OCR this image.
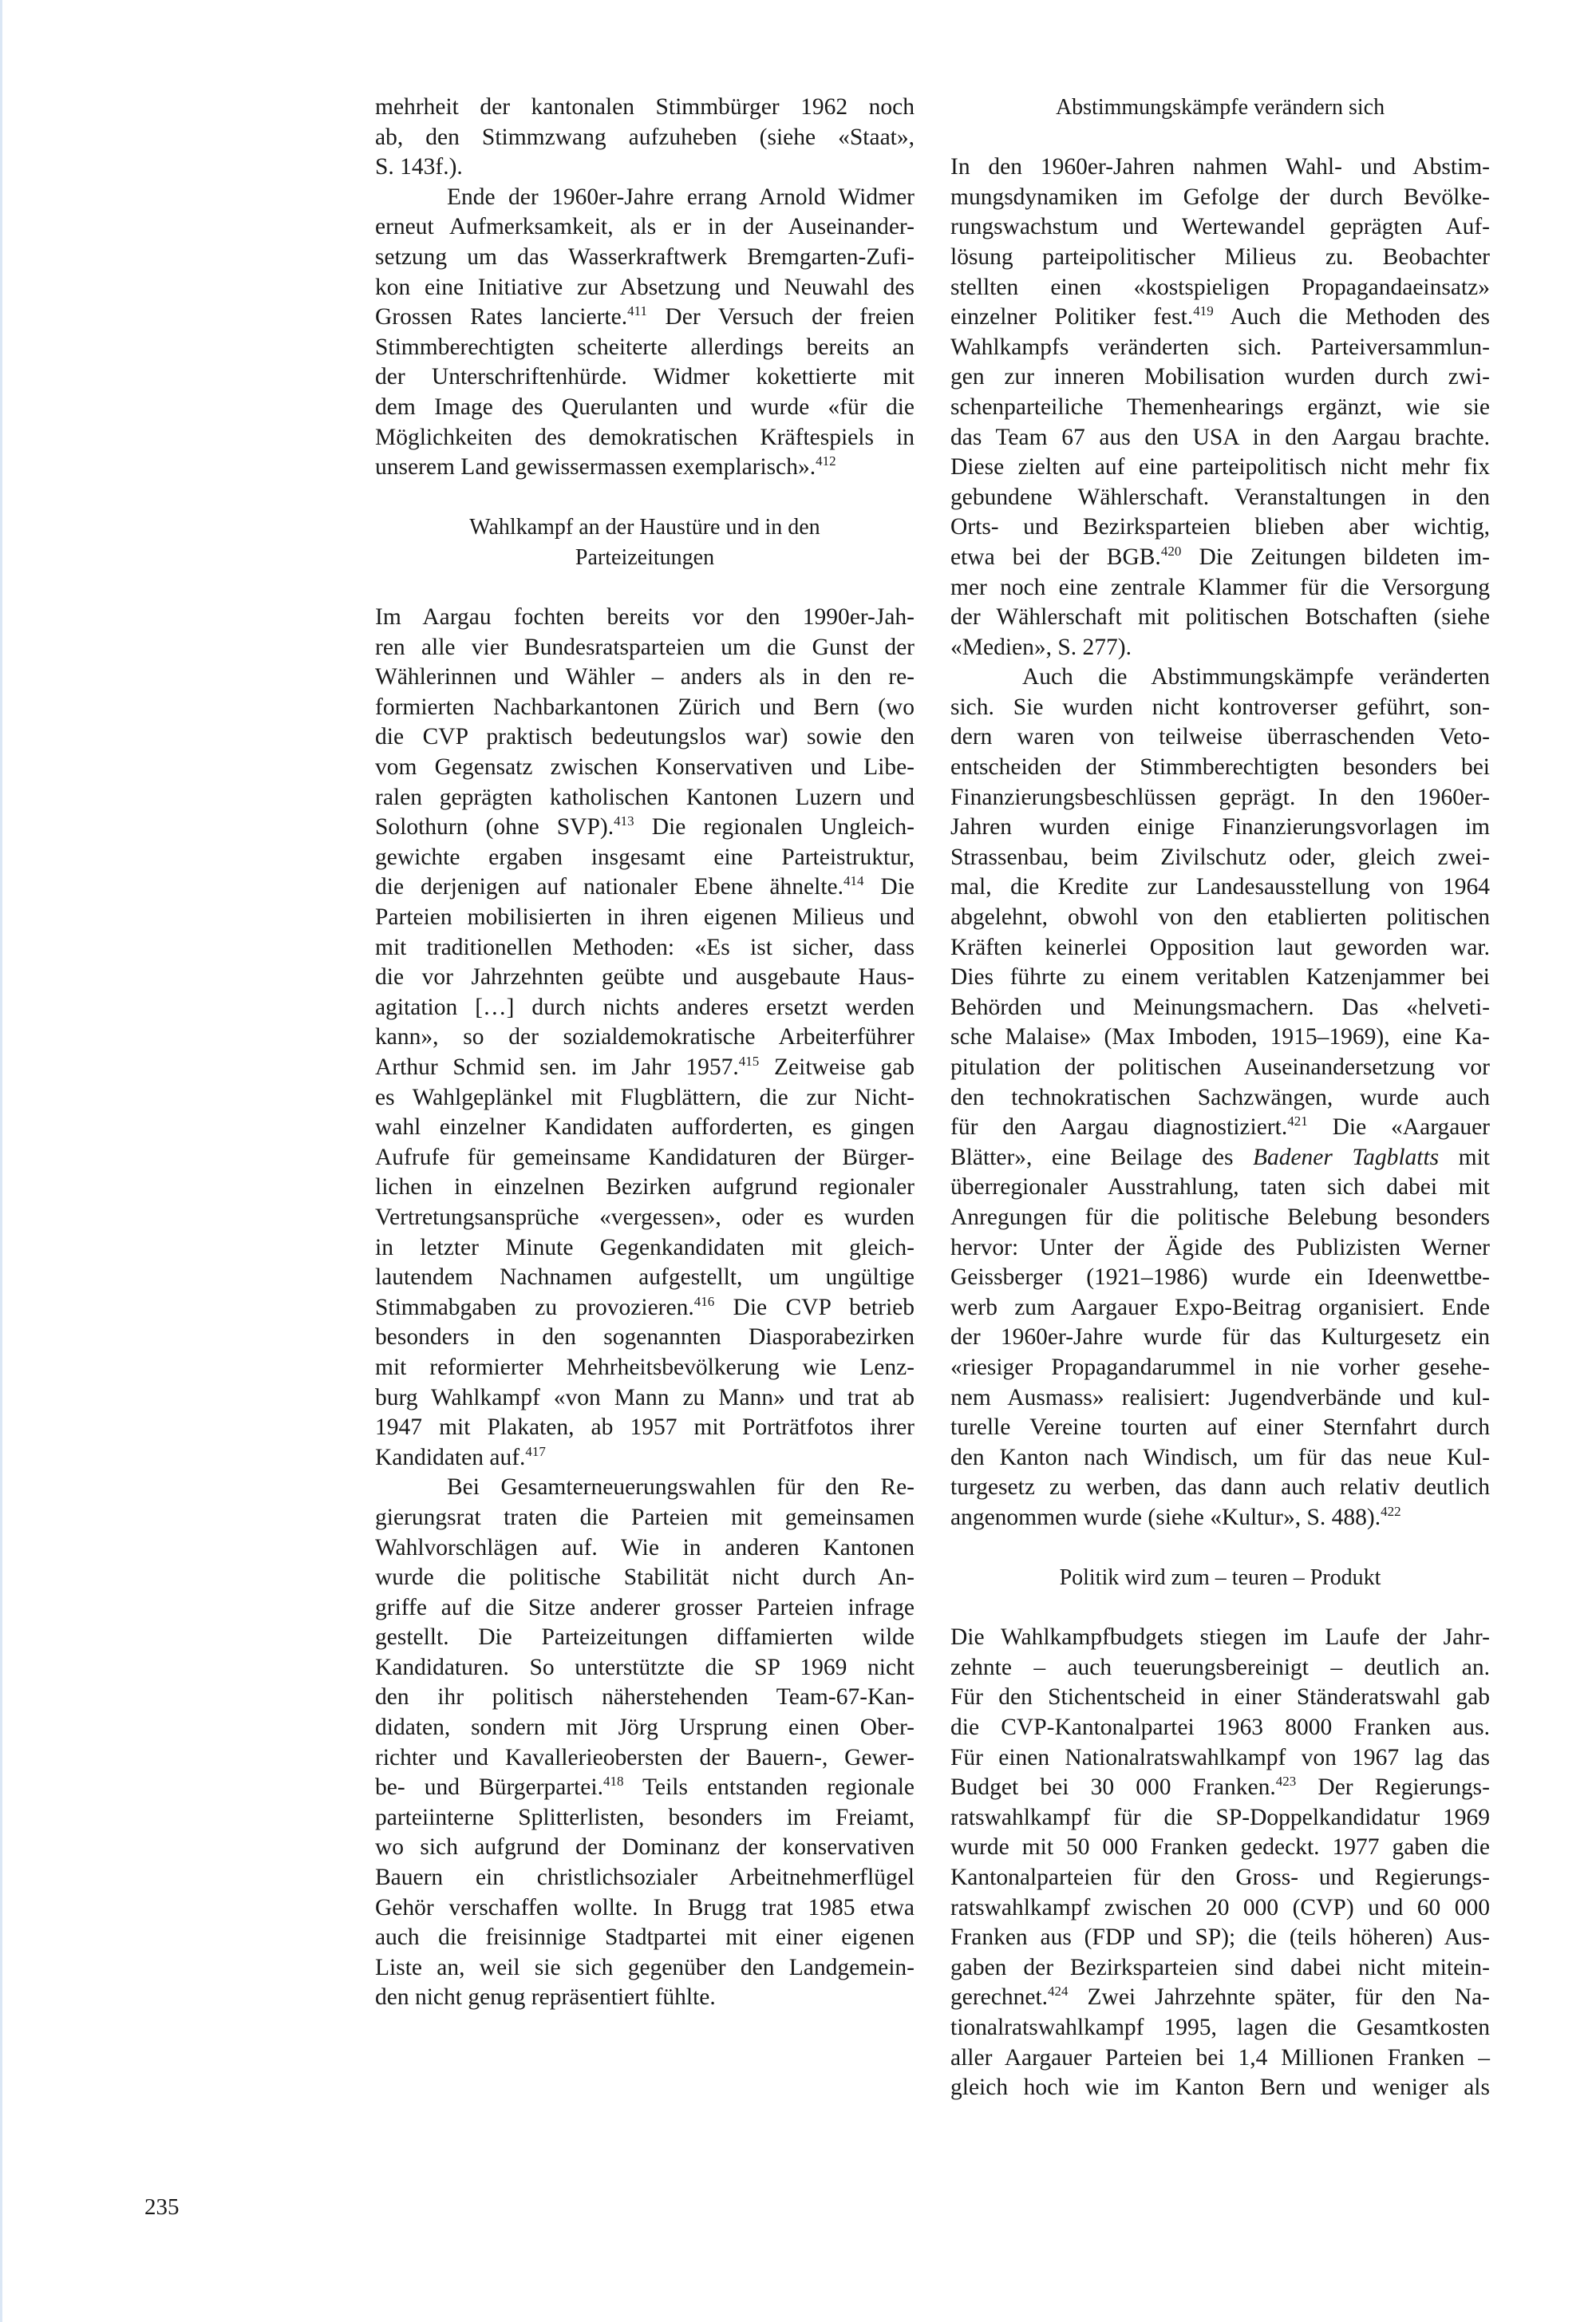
mehrheit der kantonalen Stimmbürger 1962 noch
ab, den Stimmzwang aufzuheben (siehe «Staat»,
S. 143f.).
Ende der 1960er-Jahre errang Arnold Widmer
erneut Aufmerksamkeit, als er in der Auseinander-
setzung um das Wasserkraftwerk Bremgarten-Zufi-
kon eine Initiative zur Absetzung und Neuwahl des
Grossen Rates lancierte.$^{411}$ Der Versuch der freien
Stimmberechtigten scheiterte allerdings bereits an
der Unterschriftenhürde. Widmer kokettierte mit
dem Image des Querulanten und wurde «für die
Möglichkeiten des demokratischen Kräftespiels in
unserem Land gewissermassen exemplarisch».$^{412}$
Wahlkampf an der Haustüre und in den
Parteizeitungen
Im Aargau fochten bereits vor den 1990er-Jah-
ren alle vier Bundesratsparteien um die Gunst der
Wählerinnen und Wähler – anders als in den re-
formierten Nachbarkantonen Zürich und Bern (wo
die CVP praktisch bedeutungslos war) sowie den
vom Gegensatz zwischen Konservativen und Libe-
ralen geprägten katholischen Kantonen Luzern und
Solothurn (ohne SVP).$^{413}$ Die regionalen Ungleich-
gewichte ergaben insgesamt eine Parteistruktur,
die derjenigen auf nationaler Ebene ähnelte.$^{414}$ Die
Parteien mobilisierten in ihren eigenen Milieus und
mit traditionellen Methoden: «Es ist sicher, dass
die vor Jahrzehnten geübte und ausgebaute Haus-
agitation […] durch nichts anderes ersetzt werden
kann», so der sozialdemokratische Arbeiterführer
Arthur Schmid sen. im Jahr 1957.$^{415}$ Zeitweise gab
es Wahlgeplänkel mit Flugblättern, die zur Nicht-
wahl einzelner Kandidaten aufforderten, es gingen
Aufrufe für gemeinsame Kandidaturen der Bürger-
lichen in einzelnen Bezirken aufgrund regionaler
Vertretungsansprüche «vergessen», oder es wurden
in letzter Minute Gegenkandidaten mit gleich-
lautendem Nachnamen aufgestellt, um ungültige
Stimmabgaben zu provozieren.$^{416}$ Die CVP betrieb
besonders in den sogenannten Diasporabezirken
mit reformierter Mehrheitsbevölkerung wie Lenz-
burg Wahlkampf «von Mann zu Mann» und trat ab
1947 mit Plakaten, ab 1957 mit Porträtfotos ihrer
Kandidaten auf.$^{417}$
Bei Gesamterneuerungswahlen für den Re-
gierungsrat traten die Parteien mit gemeinsamen
Wahlvorschlägen auf. Wie in anderen Kantonen
wurde die politische Stabilität nicht durch An-
griffe auf die Sitze anderer grosser Parteien infrage
gestellt. Die Parteizeitungen diffamierten wilde
Kandidaturen. So unterstützte die SP 1969 nicht
den ihr politisch näherstehenden Team-67-Kan-
didaten, sondern mit Jörg Ursprung einen Ober-
richter und Kavallerieobersten der Bauern-, Gewer-
be- und Bürgerpartei.$^{418}$ Teils entstanden regionale
parteiinterne Splitterlisten, besonders im Freiamt,
wo sich aufgrund der Dominanz der konservativen
Bauern ein christlichsozialer Arbeitnehmerflügel
Gehör verschaffen wollte. In Brugg trat 1985 etwa
auch die freisinnige Stadtpartei mit einer eigenen
Liste an, weil sie sich gegenüber den Landgemein-
den nicht genug repräsentiert fühlte.
Abstimmungskämpfe verändern sich
In den 1960er-Jahren nahmen Wahl- und Abstim-
mungsdynamiken im Gefolge der durch Bevölke-
rungswachstum und Wertewandel geprägten Auf-
lösung parteipolitischer Milieus zu. Beobachter
stellten einen «kostspieligen Propagandaeinsatz»
einzelner Politiker fest.$^{419}$ Auch die Methoden des
Wahlkampfs veränderten sich. Parteiversammlun-
gen zur inneren Mobilisation wurden durch zwi-
schenparteiliche Themenhearings ergänzt, wie sie
das Team 67 aus den USA in den Aargau brachte.
Diese zielten auf eine parteipolitisch nicht mehr fix
gebundene Wählerschaft. Veranstaltungen in den
Orts- und Bezirksparteien blieben aber wichtig,
etwa bei der BGB.$^{420}$ Die Zeitungen bildeten im-
mer noch eine zentrale Klammer für die Versorgung
der Wählerschaft mit politischen Botschaften (siehe
«Medien», S. 277).
Auch die Abstimmungskämpfe veränderten
sich. Sie wurden nicht kontroverser geführt, son-
dern waren von teilweise überraschenden Veto-
entscheiden der Stimmberechtigten besonders bei
Finanzierungsbeschlüssen geprägt. In den 1960er-
Jahren wurden einige Finanzierungsvorlagen im
Strassenbau, beim Zivilschutz oder, gleich zwei-
mal, die Kredite zur Landesausstellung von 1964
abgelehnt, obwohl von den etablierten politischen
Kräften keinerlei Opposition laut geworden war.
Dies führte zu einem veritablen Katzenjammer bei
Behörden und Meinungsmachern. Das «helveti-
sche Malaise» (Max Imboden, 1915–1969), eine Ka-
pitulation der politischen Auseinandersetzung vor
den technokratischen Sachzwängen, wurde auch
für den Aargau diagnostiziert.$^{421}$ Die «Aargauer
Blätter», eine Beilage des Badener Tagblatts mit
überregionaler Ausstrahlung, taten sich dabei mit
Anregungen für die politische Belebung besonders
hervor: Unter der Ägide des Publizisten Werner
Geissberger (1921–1986) wurde ein Ideenwettbe-
werb zum Aargauer Expo-Beitrag organisiert. Ende
der 1960er-Jahre wurde für das Kulturgesetz ein
«riesiger Propagandarummel in nie vorher gesehe-
nem Ausmass» realisiert: Jugendverbände und kul-
turelle Vereine tourten auf einer Sternfahrt durch
den Kanton nach Windisch, um für das neue Kul-
turgesetz zu werben, das dann auch relativ deutlich
angenommen wurde (siehe «Kultur», S. 488).$^{422}$
Politik wird zum – teuren – Produkt
Die Wahlkampfbudgets stiegen im Laufe der Jahr-
zehnte – auch teuerungsbereinigt – deutlich an.
Für den Stichentscheid in einer Ständeratswahl gab
die CVP-Kantonalpartei 1963 8000 Franken aus.
Für einen Nationalratswahlkampf von 1967 lag das
Budget bei 30 000 Franken.$^{423}$ Der Regierungs-
ratswahlkampf für die SP-Doppelkandidatur 1969
wurde mit 50 000 Franken gedeckt. 1977 gaben die
Kantonalparteien für den Gross- und Regierungs-
ratswahlkampf zwischen 20 000 (CVP) und 60 000
Franken aus (FDP und SP); die (teils höheren) Aus-
gaben der Bezirksparteien sind dabei nicht mitein-
gerechnet.$^{424}$ Zwei Jahrzehnte später, für den Na-
tionalratswahlkampf 1995, lagen die Gesamtkosten
aller Aargauer Parteien bei 1,4 Millionen Franken –
gleich hoch wie im Kanton Bern und weniger als
235
